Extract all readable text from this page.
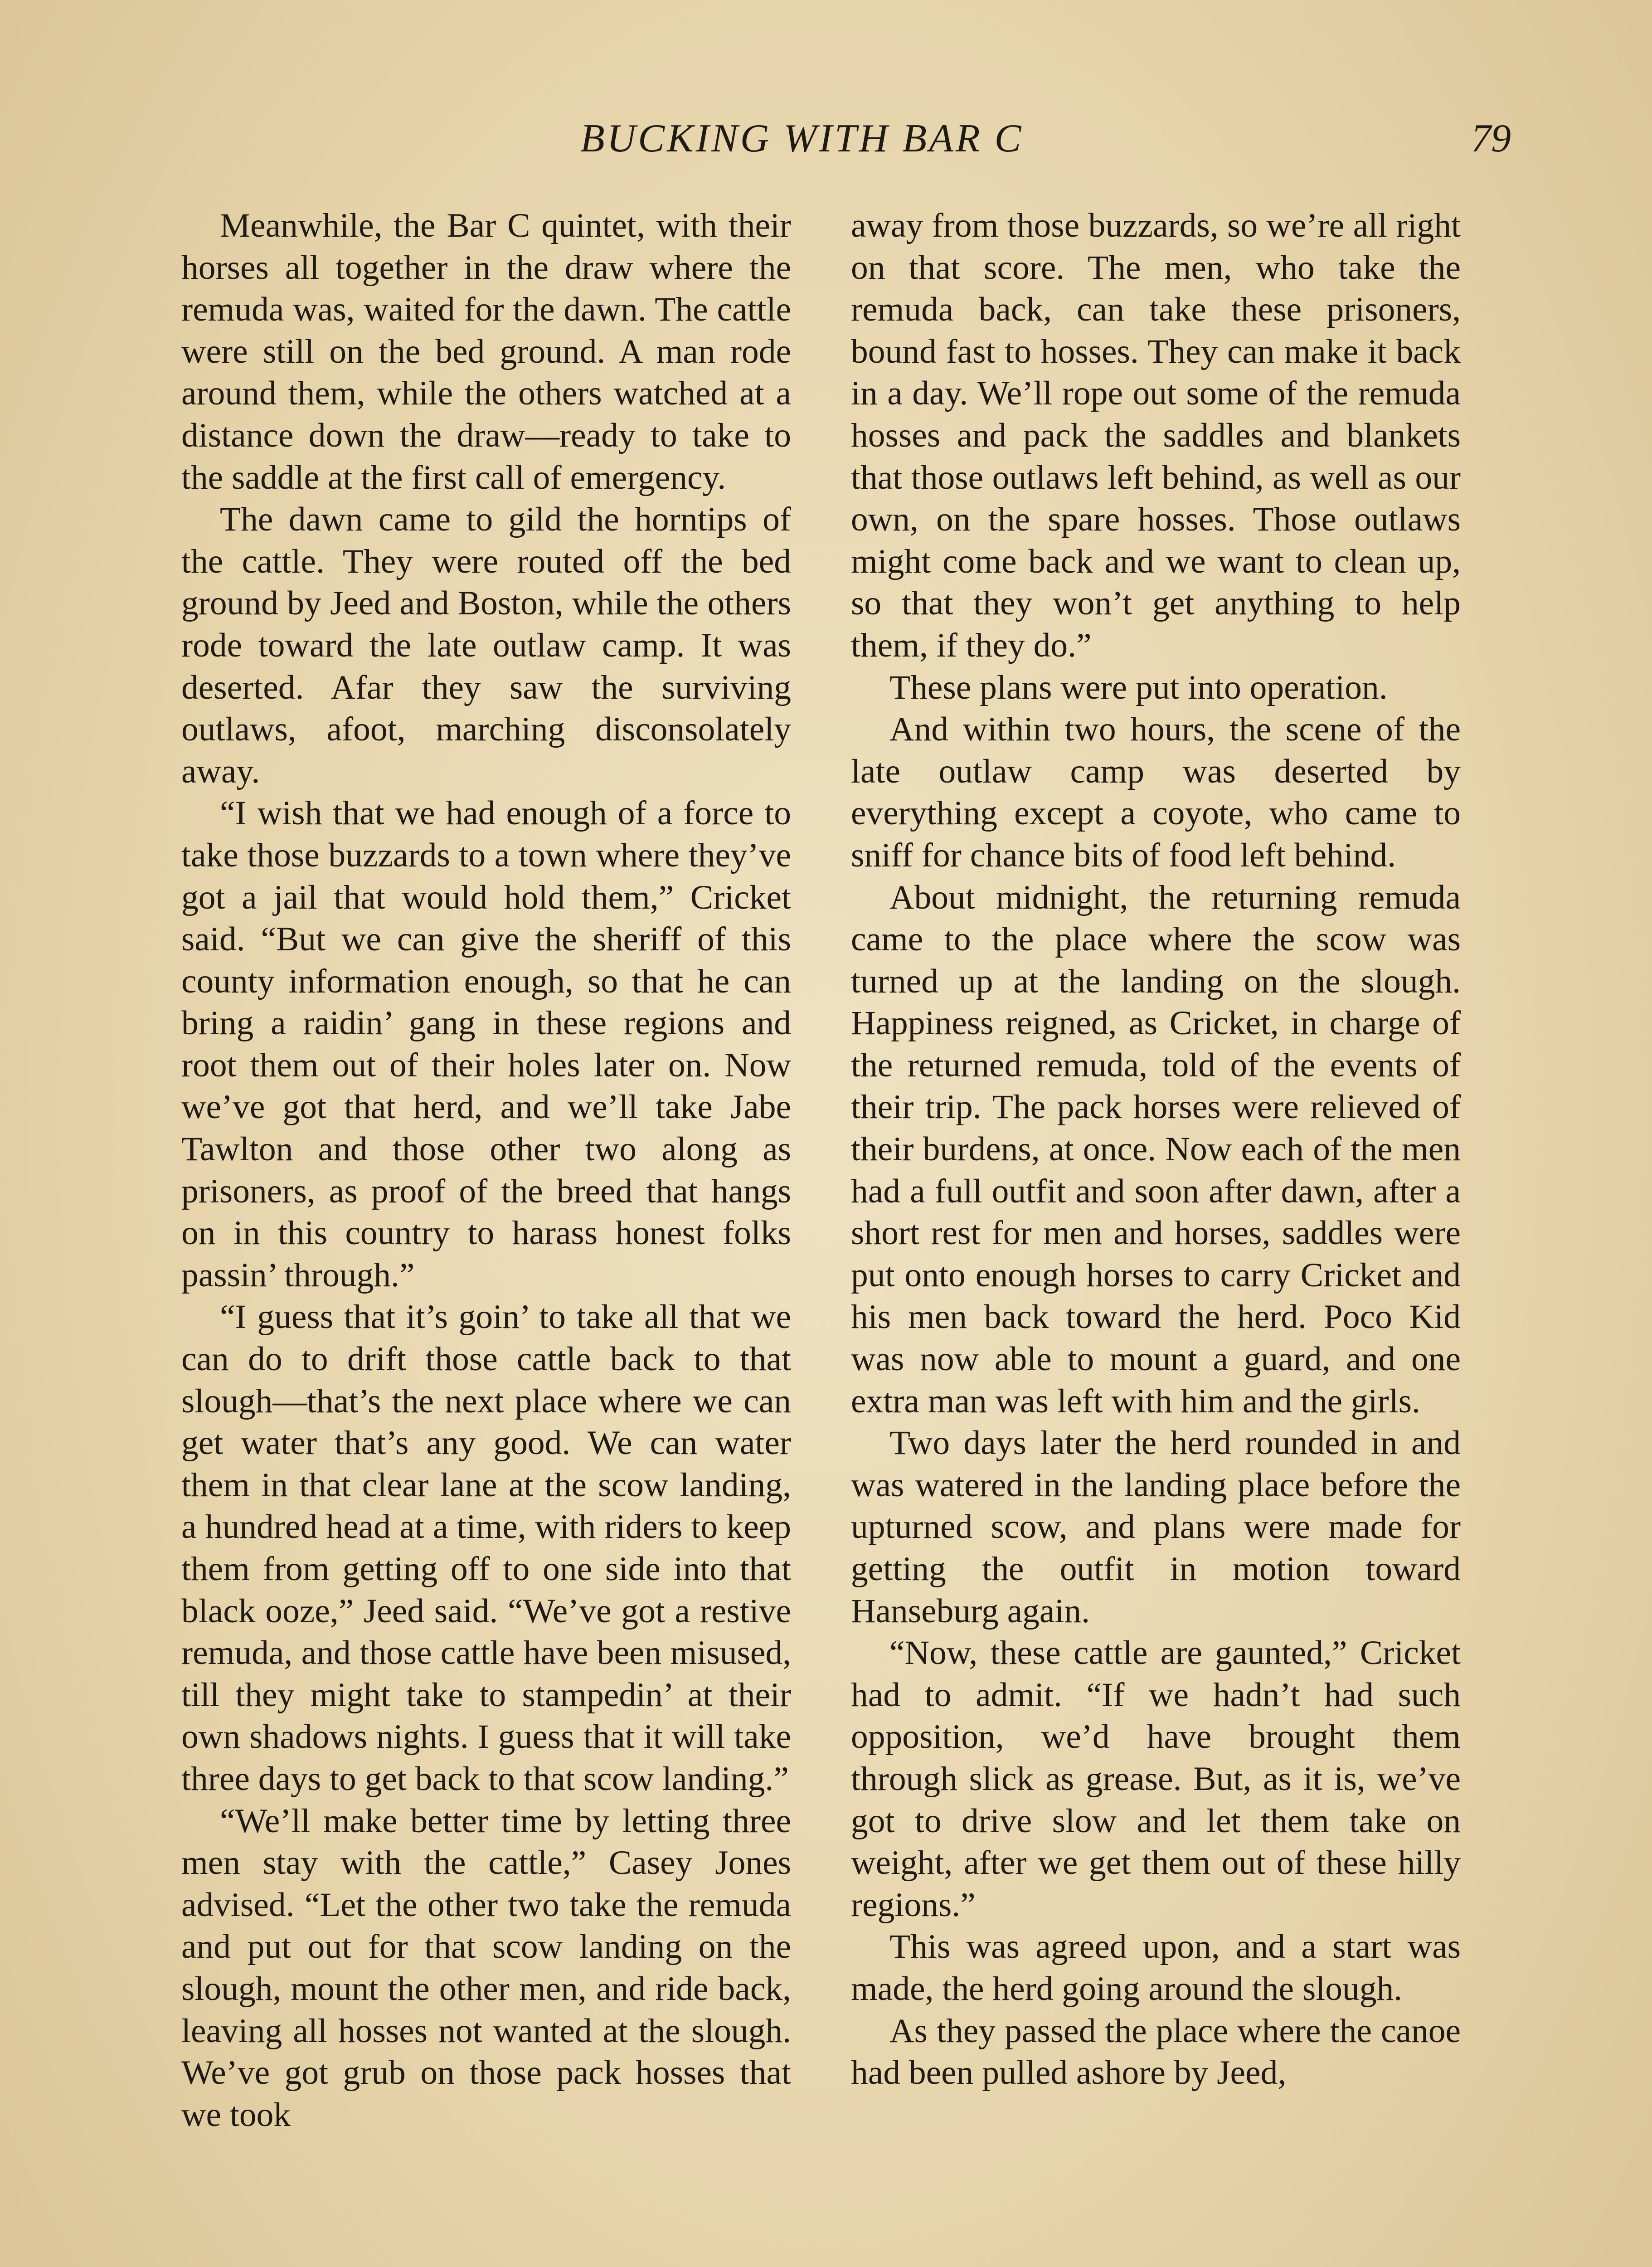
BUCKING WITH BAR C	79

Meanwhile, the Bar C quintet, with their horses all together in the draw where the remuda was, waited for the dawn. The cattle were still on the bed ground. A man rode around them, while the others watched at a distance down the draw—ready to take to the saddle at the first call of emergency.

The dawn came to gild the horntips of the cattle. They were routed off the bed ground by Jeed and Boston, while the others rode toward the late outlaw camp. It was deserted. Afar they saw the surviving outlaws, afoot, marching disconsolately away.

“I wish that we had enough of a force to take those buzzards to a town where they’ve got a jail that would hold them,” Cricket said. “But we can give the sheriff of this county information enough, so that he can bring a raidin’ gang in these regions and root them out of their holes later on. Now we’ve got that herd, and we’ll take Jabe Tawlton and those other two along as prisoners, as proof of the breed that hangs on in this country to harass honest folks passin’ through.”

“I guess that it’s goin’ to take all that we can do to drift those cattle back to that slough—that’s the next place where we can get water that’s any good. We can water them in that clear lane at the scow landing, a hundred head at a time, with riders to keep them from getting off to one side into that black ooze,” Jeed said. “We’ve got a restive remuda, and those cattle have been misused, till they might take to stampedin’ at their own shadows nights. I guess that it will take three days to get back to that scow landing.”

“We’ll make better time by letting three men stay with the cattle,” Casey Jones advised. “Let the other two take the remuda and put out for that scow landing on the slough, mount the other men, and ride back, leaving all hosses not wanted at the slough. We’ve got grub on those pack hosses that we took

away from those buzzards, so we’re all right on that score. The men, who take the remuda back, can take these prisoners, bound fast to hosses. They can make it back in a day. We’ll rope out some of the remuda hosses and pack the saddles and blankets that those outlaws left behind, as well as our own, on the spare hosses. Those outlaws might come back and we want to clean up, so that they won’t get anything to help them, if they do.”

These plans were put into operation.

And within two hours, the scene of the late outlaw camp was deserted by everything except a coyote, who came to sniff for chance bits of food left behind.

About midnight, the returning remuda came to the place where the scow was turned up at the landing on the slough. Happiness reigned, as Cricket, in charge of the returned remuda, told of the events of their trip. The pack horses were relieved of their burdens, at once. Now each of the men had a full outfit and soon after dawn, after a short rest for men and horses, saddles were put onto enough horses to carry Cricket and his men back toward the herd. Poco Kid was now able to mount a guard, and one extra man was left with him and the girls.

Two days later the herd rounded in and was watered in the landing place before the upturned scow, and plans were made for getting the outfit in motion toward Hanseburg again.

“Now, these cattle are gaunted,” Cricket had to admit. “If we hadn’t had such opposition, we’d have brought them through slick as grease. But, as it is, we’ve got to drive slow and let them take on weight, after we get them out of these hilly regions.”

This was agreed upon, and a start was made, the herd going around the slough.

As they passed the place where the canoe had been pulled ashore by Jeed,
